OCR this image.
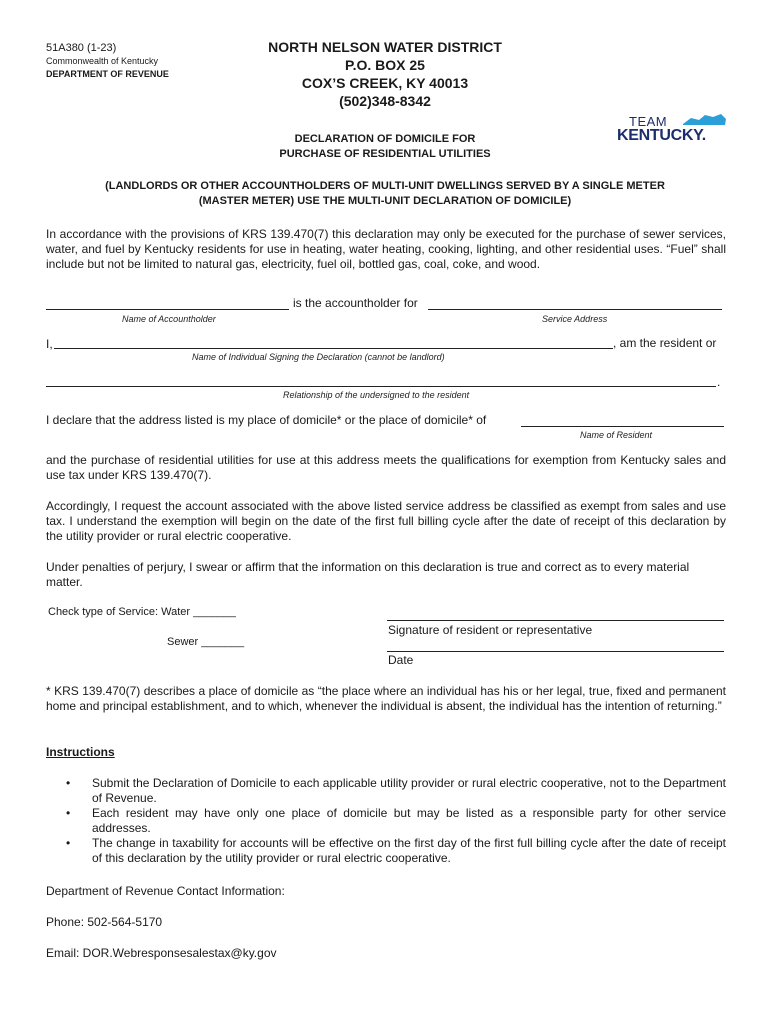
51A380 (1-23)
Commonwealth of Kentucky
DEPARTMENT OF REVENUE
NORTH NELSON WATER DISTRICT
P.O. BOX 25
COX’S CREEK, KY 40013
(502)348-8342
TEAM
KENTUCKY.
DECLARATION OF DOMICILE FOR
PURCHASE OF RESIDENTIAL UTILITIES
(LANDLORDS OR OTHER ACCOUNTHOLDERS OF MULTI-UNIT DWELLINGS SERVED BY A SINGLE METER
(MASTER METER) USE THE MULTI-UNIT DECLARATION OF DOMICILE)
In accordance with the provisions of KRS 139.470(7) this declaration may only be executed for the purchase of sewer services, water, and fuel by Kentucky residents for use in heating, water heating, cooking, lighting, and other residential uses. “Fuel” shall include but not be limited to natural gas, electricity, fuel oil, bottled gas, coal, coke, and wood.
is the accountholder for
Name of Accountholder	Service Address
I,	, am the resident or
Name of Individual Signing the Declaration (cannot be landlord)
.
Relationship of the undersigned to the resident
I declare that the address listed is my place of domicile* or the place of domicile* of
Name of Resident
and the purchase of residential utilities for use at this address meets the qualifications for exemption from Kentucky sales and use tax under KRS 139.470(7).
Accordingly, I request the account associated with the above listed service address be classified as exempt from sales and use tax. I understand the exemption will begin on the date of the first full billing cycle after the date of receipt of this declaration by the utility provider or rural electric cooperative.
Under penalties of perjury, I swear or affirm that the information on this declaration is true and correct as to every material matter.
Check type of Service: Water _______
Sewer _______
Signature of resident or representative
Date
* KRS 139.470(7) describes a place of domicile as “the place where an individual has his or her legal, true, fixed and permanent home and principal establishment, and to which, whenever the individual is absent, the individual has the intention of returning.”
Instructions
• Submit the Declaration of Domicile to each applicable utility provider or rural electric cooperative, not to the Department of Revenue.
• Each resident may have only one place of domicile but may be listed as a responsible party for other service addresses.
• The change in taxability for accounts will be effective on the first day of the first full billing cycle after the date of receipt of this declaration by the utility provider or rural electric cooperative.
Department of Revenue Contact Information:
Phone: 502-564-5170
Email: DOR.Webresponsesalestax@ky.gov
